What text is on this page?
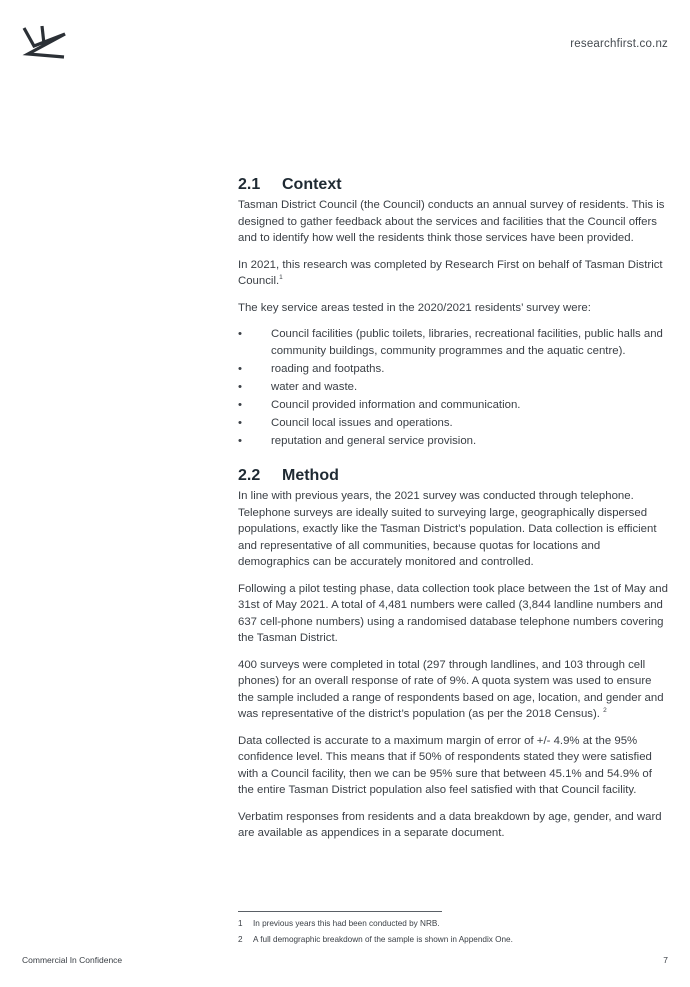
researchfirst.co.nz
2.1 Context

Tasman District Council (the Council) conducts an annual survey of residents. This is designed to gather feedback about the services and facilities that the Council offers and to identify how well the residents think those services have been provided.

In 2021, this research was completed by Research First on behalf of Tasman District Council.$^1$

The key service areas tested in the 2020/2021 residents’ survey were:

•	Council facilities (public toilets, libraries, recreational facilities, public halls and community buildings, community programmes and the aquatic centre).
•	roading and footpaths.
•	water and waste.
•	Council provided information and communication.
•	Council local issues and operations.
•	reputation and general service provision.
2.2 Method

In line with previous years, the 2021 survey was conducted through telephone. Telephone surveys are ideally suited to surveying large, geographically dispersed populations, exactly like the Tasman District’s population. Data collection is efficient and representative of all communities, because quotas for locations and demographics can be accurately monitored and controlled.

Following a pilot testing phase, data collection took place between the 1st of May and 31st of May 2021. A total of 4,481 numbers were called (3,844 landline numbers and 637 cell-phone numbers) using a randomised database telephone numbers covering the Tasman District.

400 surveys were completed in total (297 through landlines, and 103 through cell phones) for an overall response of rate of 9%. A quota system was used to ensure the sample included a range of respondents based on age, location, and gender and was representative of the district’s population (as per the 2018 Census). $^2$

Data collected is accurate to a maximum margin of error of +/- 4.9% at the 95% confidence level. This means that if 50% of respondents stated they were satisfied with a Council facility, then we can be 95% sure that between 45.1% and 54.9% of the entire Tasman District population also feel satisfied with that Council facility.

Verbatim responses from residents and a data breakdown by age, gender, and ward are available as appendices in a separate document.

1 In previous years this had been conducted by NRB.
2 A full demographic breakdown of the sample is shown in Appendix One.
Commercial In Confidence	7
